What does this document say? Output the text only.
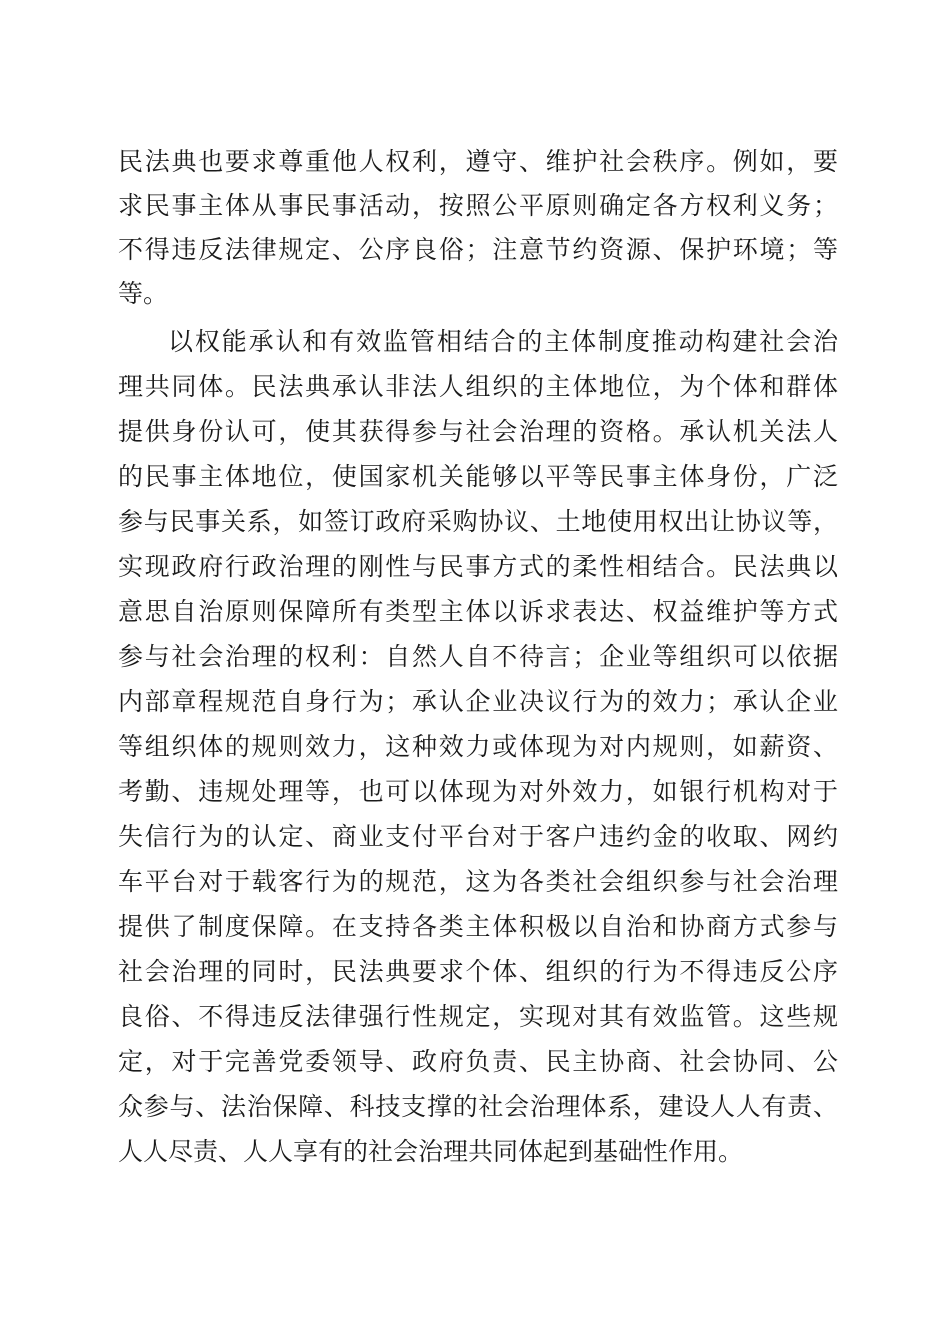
民法典也要求尊重他人权利，遵守、维护社会秩序。例如，要
求民事主体从事民事活动，按照公平原则确定各方权利义务；
不得违反法律规定、公序良俗；注意节约资源、保护环境；等
等。
以权能承认和有效监管相结合的主体制度推动构建社会治
理共同体。民法典承认非法人组织的主体地位，为个体和群体
提供身份认可，使其获得参与社会治理的资格。承认机关法人
的民事主体地位，使国家机关能够以平等民事主体身份，广泛
参与民事关系，如签订政府采购协议、土地使用权出让协议等，
实现政府行政治理的刚性与民事方式的柔性相结合。民法典以
意思自治原则保障所有类型主体以诉求表达、权益维护等方式
参与社会治理的权利：自然人自不待言；企业等组织可以依据
内部章程规范自身行为；承认企业决议行为的效力；承认企业
等组织体的规则效力，这种效力或体现为对内规则，如薪资、
考勤、违规处理等，也可以体现为对外效力，如银行机构对于
失信行为的认定、商业支付平台对于客户违约金的收取、网约
车平台对于载客行为的规范，这为各类社会组织参与社会治理
提供了制度保障。在支持各类主体积极以自治和协商方式参与
社会治理的同时，民法典要求个体、组织的行为不得违反公序
良俗、不得违反法律强行性规定，实现对其有效监管。这些规
定，对于完善党委领导、政府负责、民主协商、社会协同、公
众参与、法治保障、科技支撑的社会治理体系，建设人人有责、
人人尽责、人人享有的社会治理共同体起到基础性作用。
